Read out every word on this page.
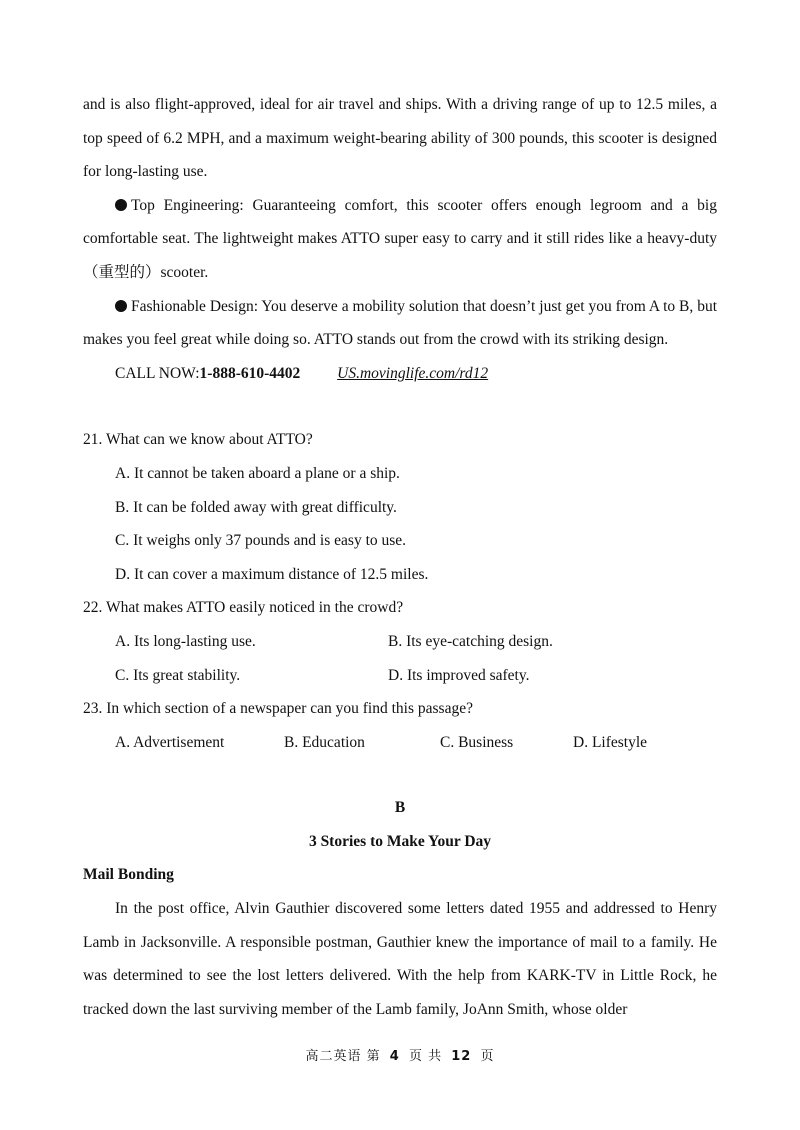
and is also flight-approved, ideal for air travel and ships. With a driving range of up to 12.5 miles, a top speed of 6.2 MPH, and a maximum weight-bearing ability of 300 pounds, this scooter is designed for long-lasting use.

Top Engineering: Guaranteeing comfort, this scooter offers enough legroom and a big comfortable seat. The lightweight makes ATTO super easy to carry and it still rides like a heavy-duty（重型的）scooter.

Fashionable Design: You deserve a mobility solution that doesn’t just get you from A to B, but makes you feel great while doing so. ATTO stands out from the crowd with its striking design.

CALL NOW:1-888-610-4402 US.movinglife.com/rd12

21. What can we know about ATTO?

A. It cannot be taken aboard a plane or a ship.

B. It can be folded away with great difficulty.

C. It weighs only 37 pounds and is easy to use.

D. It can cover a maximum distance of 12.5 miles.

22. What makes ATTO easily noticed in the crowd?

A. Its long-lasting use.	B. Its eye-catching design.
C. Its great stability.	D. Its improved safety.

23. In which section of a newspaper can you find this passage?

A. Advertisement	B. Education	C. Business	D. Lifestyle
B
3 Stories to Make Your Day
Mail Bonding

In the post office, Alvin Gauthier discovered some letters dated 1955 and addressed to Henry Lamb in Jacksonville. A responsible postman, Gauthier knew the importance of mail to a family. He was determined to see the lost letters delivered. With the help from KARK-TV in Little Rock, he tracked down the last surviving member of the Lamb family, JoAnn Smith, whose older

高二英语 第 4 页 共 12 页
